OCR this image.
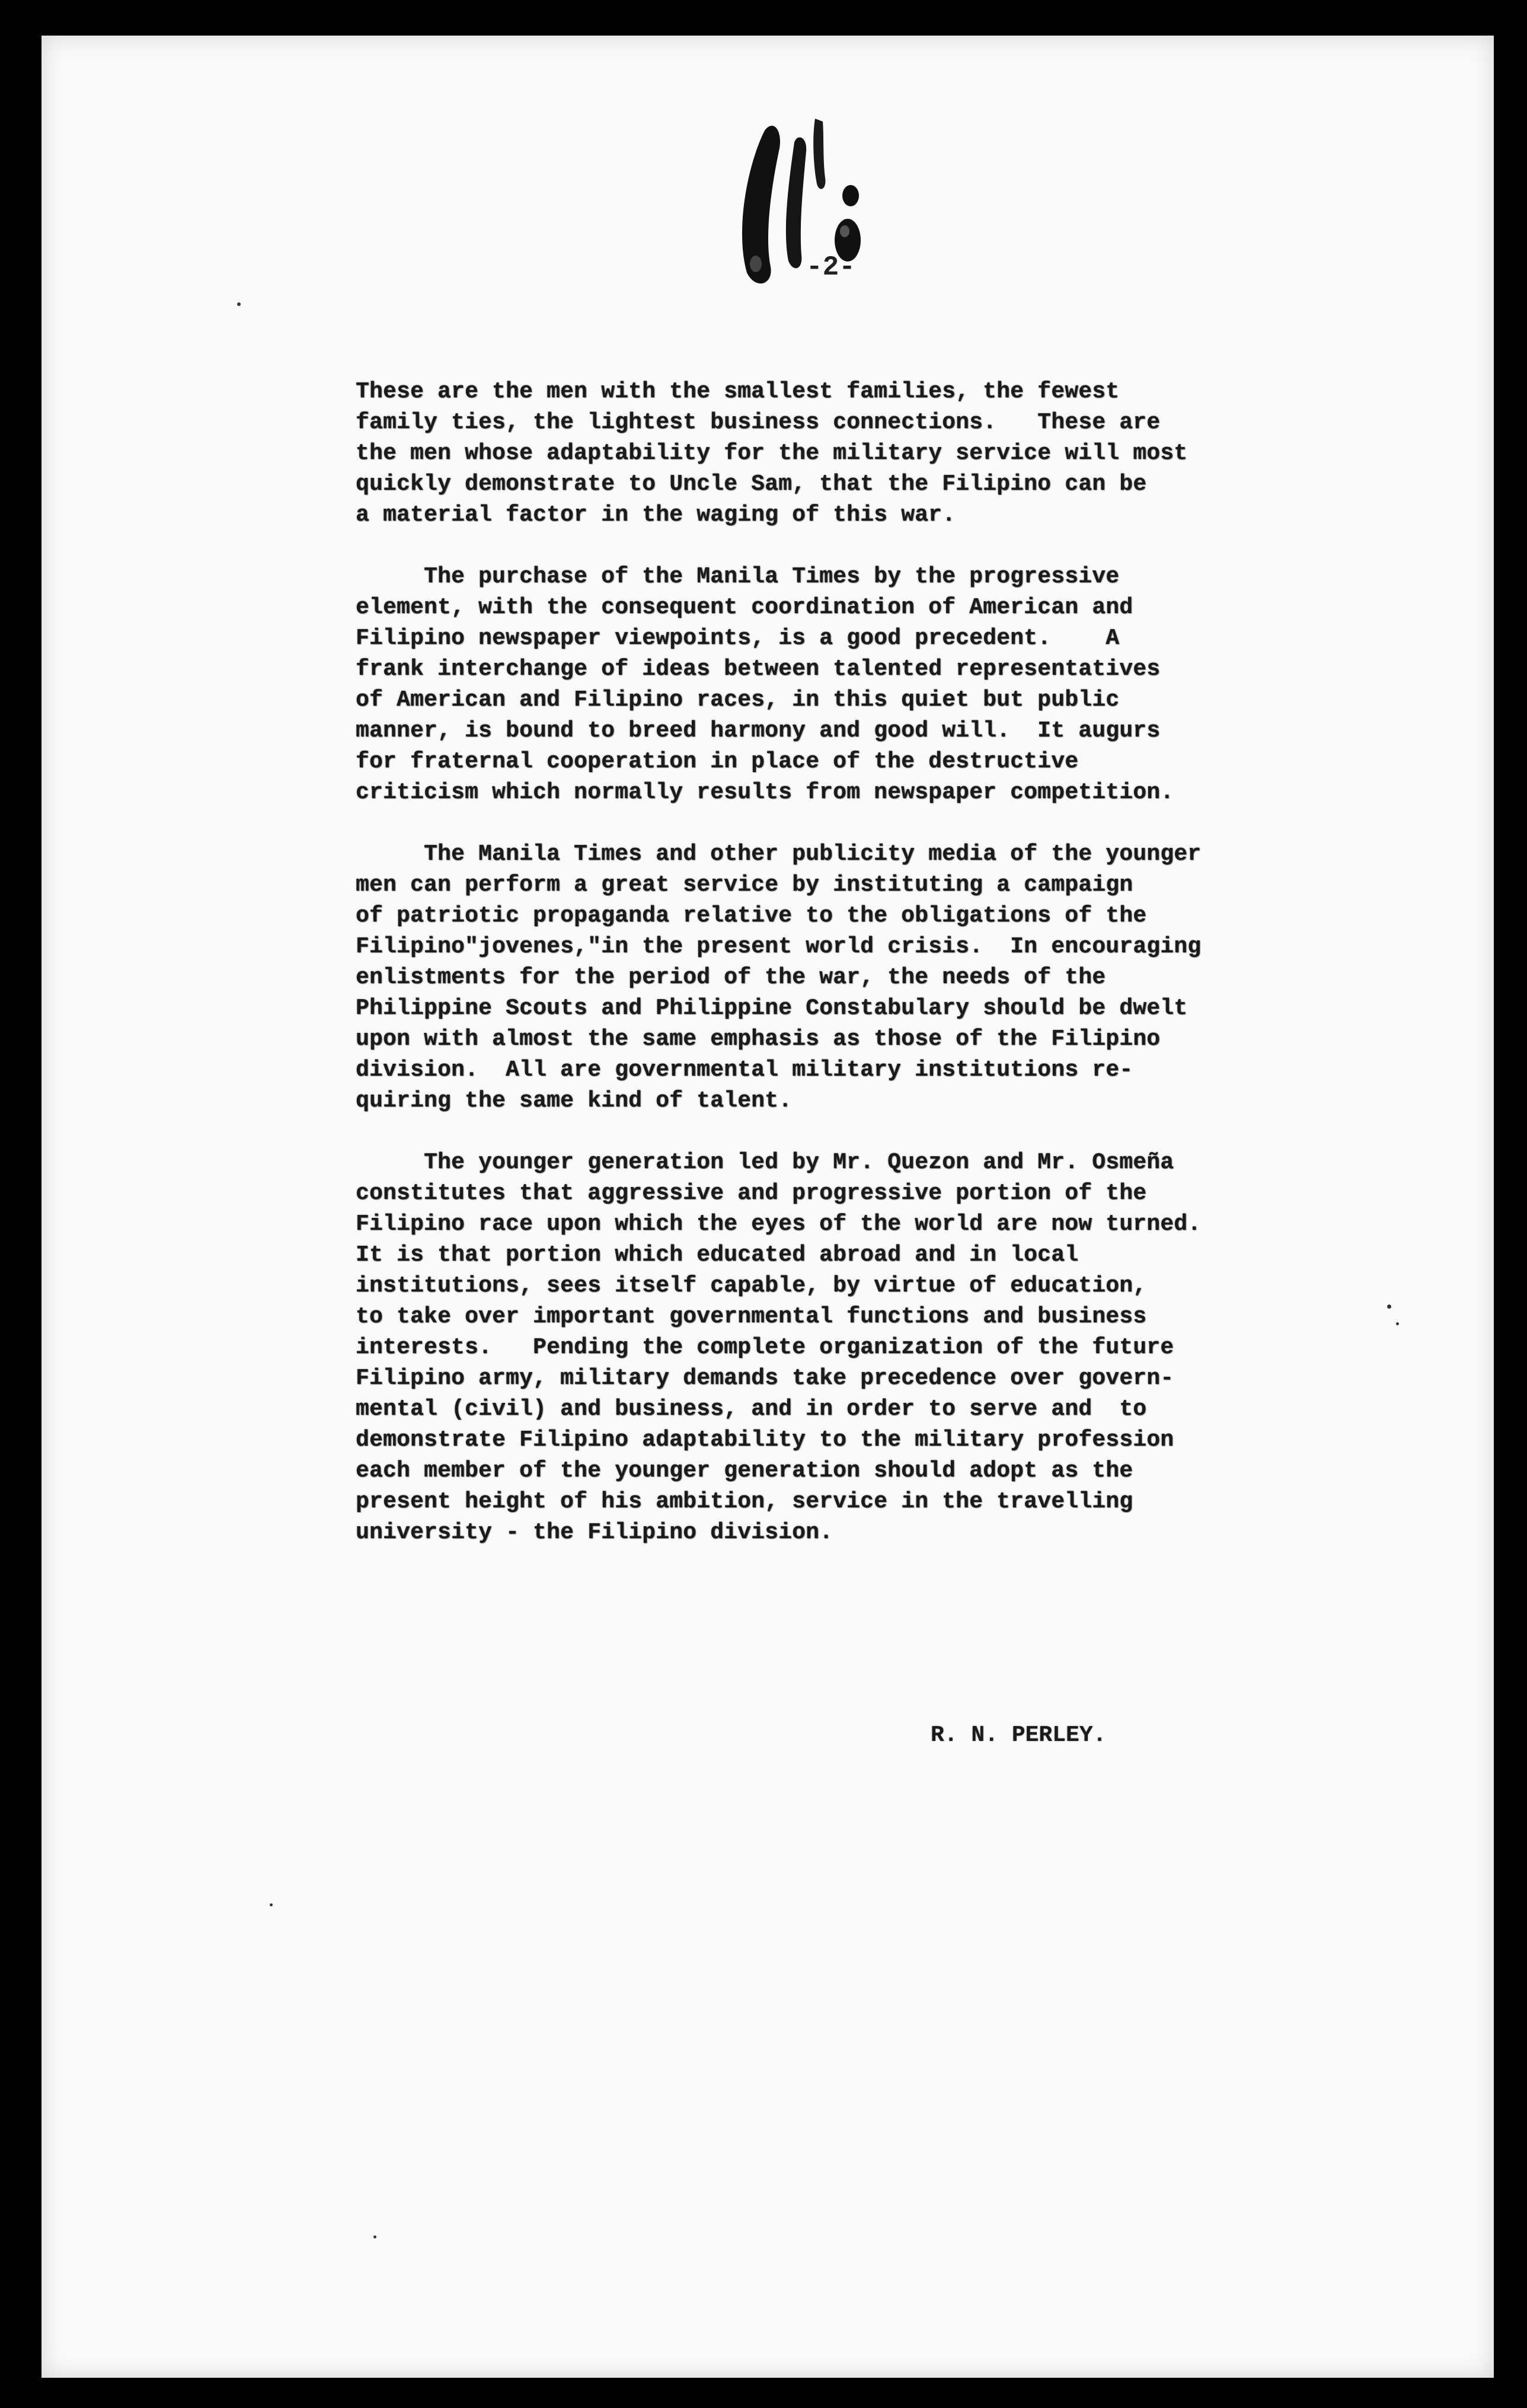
-2-
These are the men with the smallest families, the fewest
family ties, the lightest business connections.   These are
the men whose adaptability for the military service will most
quickly demonstrate to Uncle Sam, that the Filipino can be
a material factor in the waging of this war.
The purchase of the Manila Times by the progressive
element, with the consequent coordination of American and
Filipino newspaper viewpoints, is a good precedent.    A
frank interchange of ideas between talented representatives
of American and Filipino races, in this quiet but public
manner, is bound to breed harmony and good will.  It augurs
for fraternal cooperation in place of the destructive
criticism which normally results from newspaper competition.
The Manila Times and other publicity media of the younger
men can perform a great service by instituting a campaign
of patriotic propaganda relative to the obligations of the
Filipino"jovenes,"in the present world crisis.  In encouraging
enlistments for the period of the war, the needs of the
Philippine Scouts and Philippine Constabulary should be dwelt
upon with almost the same emphasis as those of the Filipino
division.  All are governmental military institutions re-
quiring the same kind of talent.
The younger generation led by Mr. Quezon and Mr. Osmeña
constitutes that aggressive and progressive portion of the
Filipino race upon which the eyes of the world are now turned.
It is that portion which educated abroad and in local
institutions, sees itself capable, by virtue of education,
to take over important governmental functions and business
interests.   Pending the complete organization of the future
Filipino army, military demands take precedence over govern-
mental (civil) and business, and in order to serve and  to
demonstrate Filipino adaptability to the military profession
each member of the younger generation should adopt as the
present height of his ambition, service in the travelling
university - the Filipino division.
R. N. PERLEY.
